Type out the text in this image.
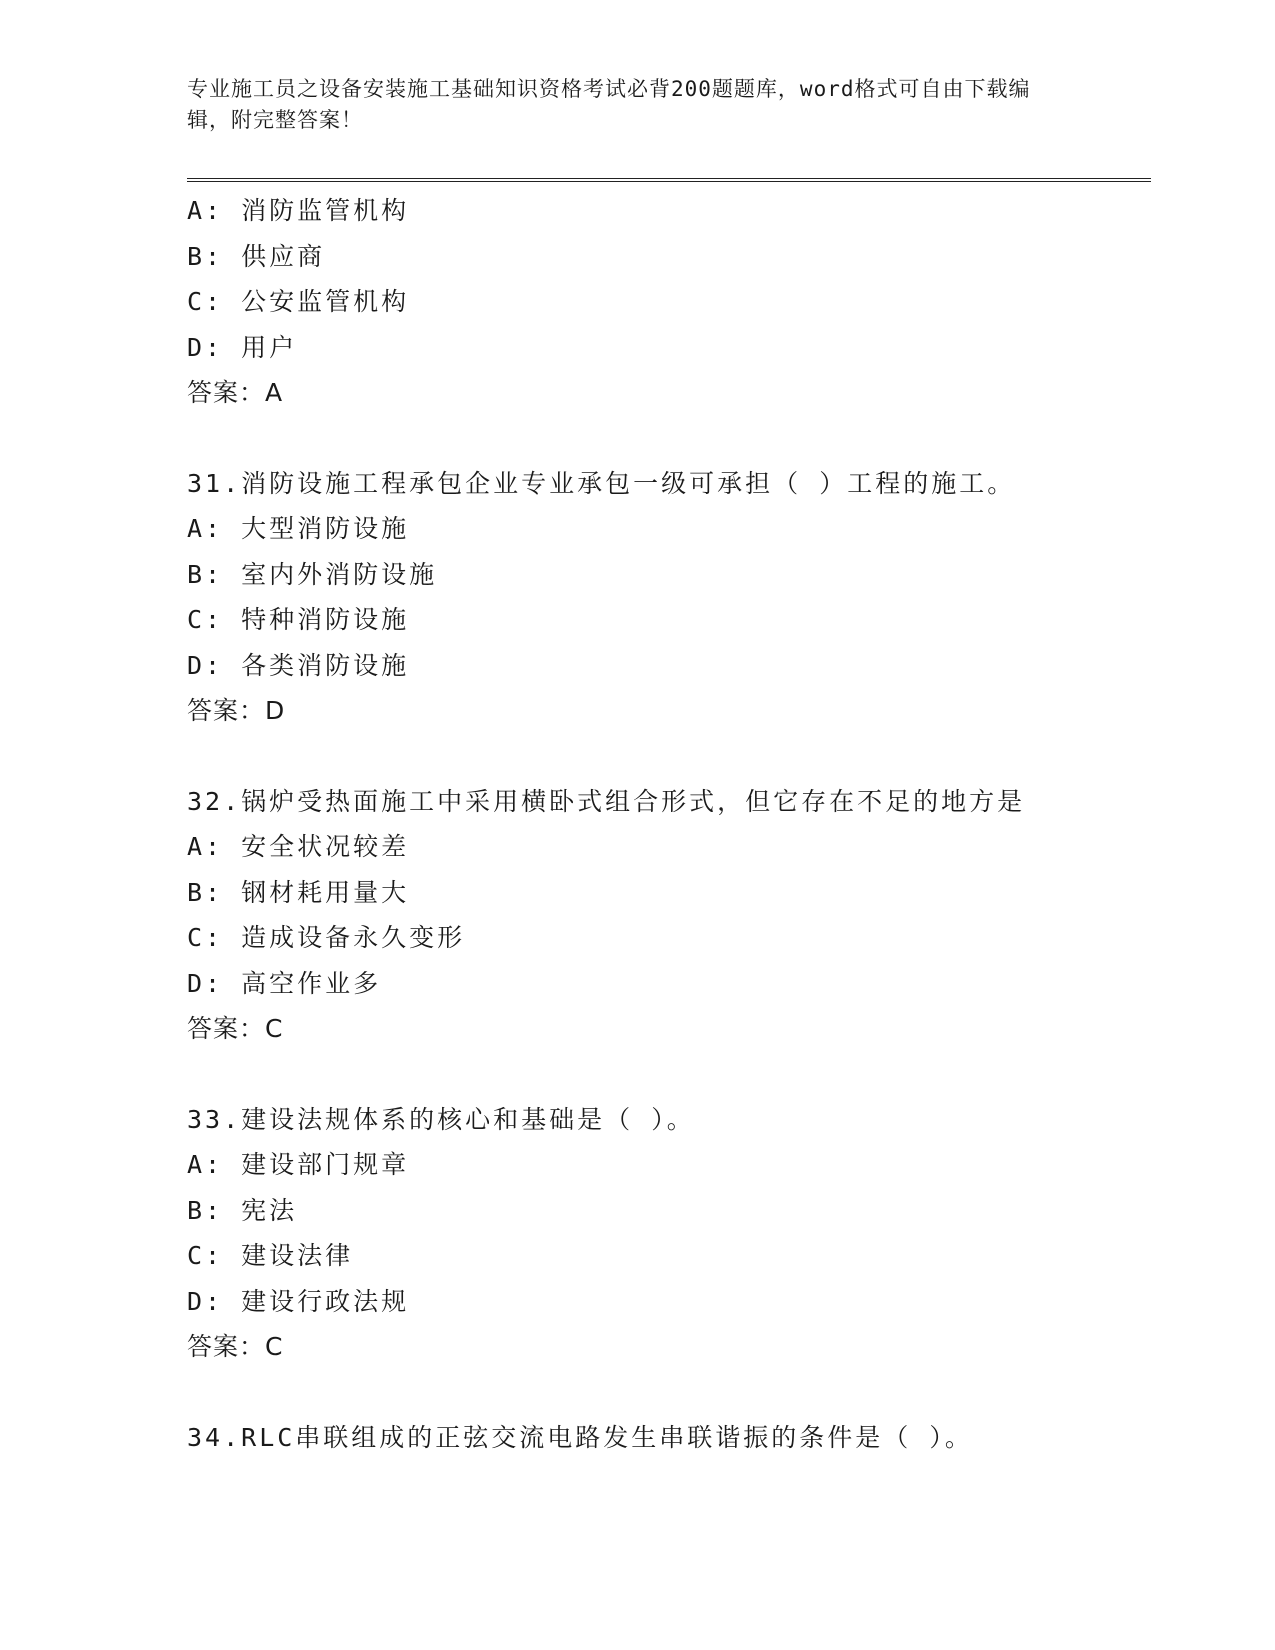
专业施工员之设备安装施工基础知识资格考试必背200题题库，word格式可自由下载编辑，附完整答案！
A: 消防监管机构
B: 供应商
C: 公安监管机构
D: 用户
答案：A
31.消防设施工程承包企业专业承包一级可承担（ ）工程的施工。
A: 大型消防设施
B: 室内外消防设施
C: 特种消防设施
D: 各类消防设施
答案：D
32.锅炉受热面施工中采用横卧式组合形式，但它存在不足的地方是
A: 安全状况较差
B: 钢材耗用量大
C: 造成设备永久变形
D: 高空作业多
答案：C
33.建设法规体系的核心和基础是（ ）。
A: 建设部门规章
B: 宪法
C: 建设法律
D: 建设行政法规
答案：C
34.RLC串联组成的正弦交流电路发生串联谐振的条件是（ ）。
